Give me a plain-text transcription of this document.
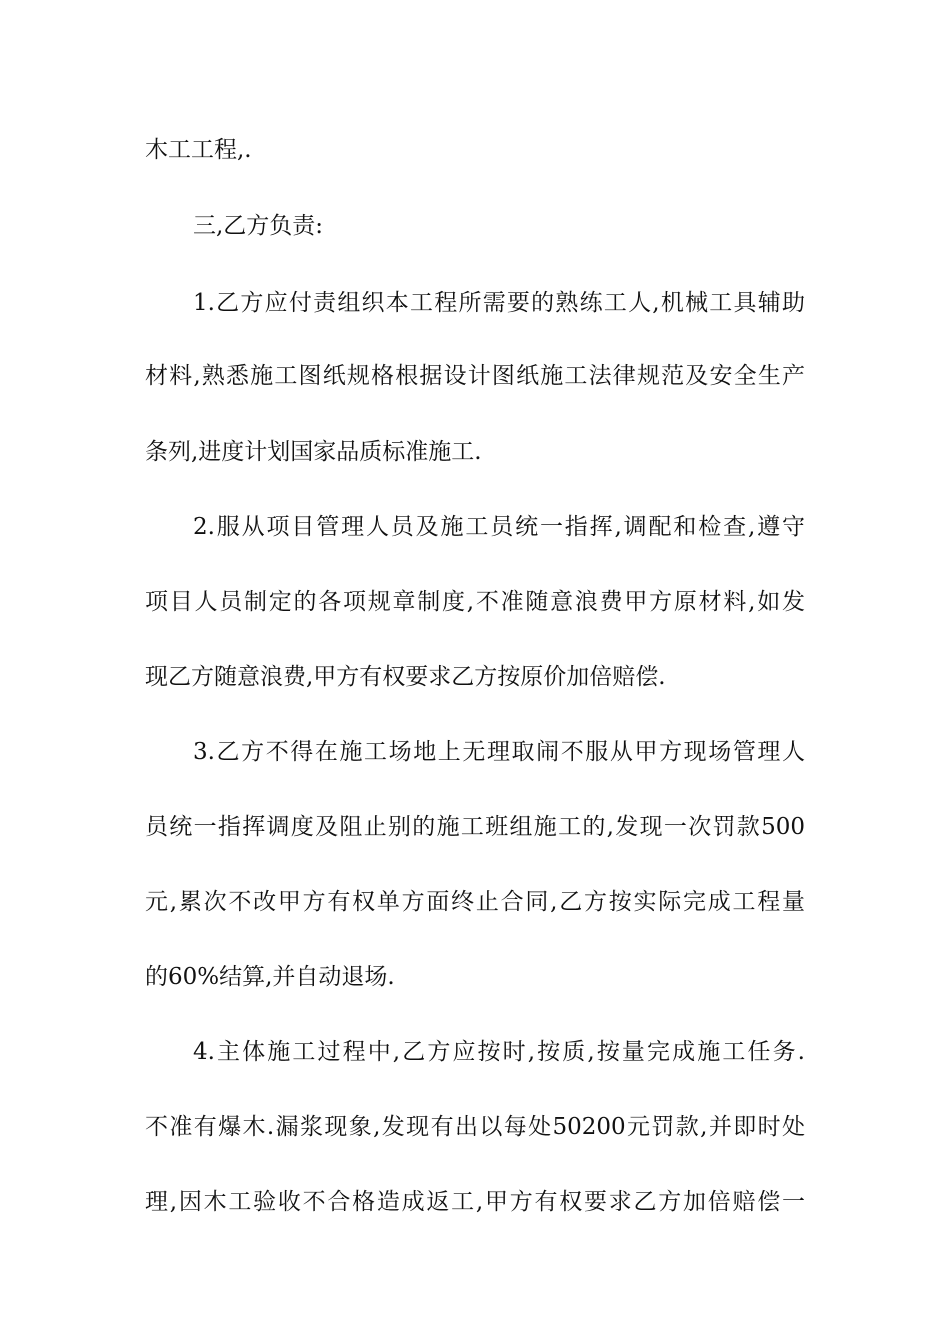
木工工程,.
三,乙方负责:
1.乙方应付责组织本工程所需要的熟练工人,机械工具辅助
材料,熟悉施工图纸规格根据设计图纸施工法律规范及安全生产
条列,进度计划国家品质标准施工.
2.服从项目管理人员及施工员统一指挥,调配和检查,遵守
项目人员制定的各项规章制度,不准随意浪费甲方原材料,如发
现乙方随意浪费,甲方有权要求乙方按原价加倍赔偿.
3.乙方不得在施工场地上无理取闹不服从甲方现场管理人
员统一指挥调度及阻止别的施工班组施工的,发现一次罚款500
元,累次不改甲方有权单方面终止合同,乙方按实际完成工程量
的60%结算,并自动退场.
4.主体施工过程中,乙方应按时,按质,按量完成施工任务.
不准有爆木.漏浆现象,发现有出以每处50200元罚款,并即时处
理,因木工验收不合格造成返工,甲方有权要求乙方加倍赔偿一
